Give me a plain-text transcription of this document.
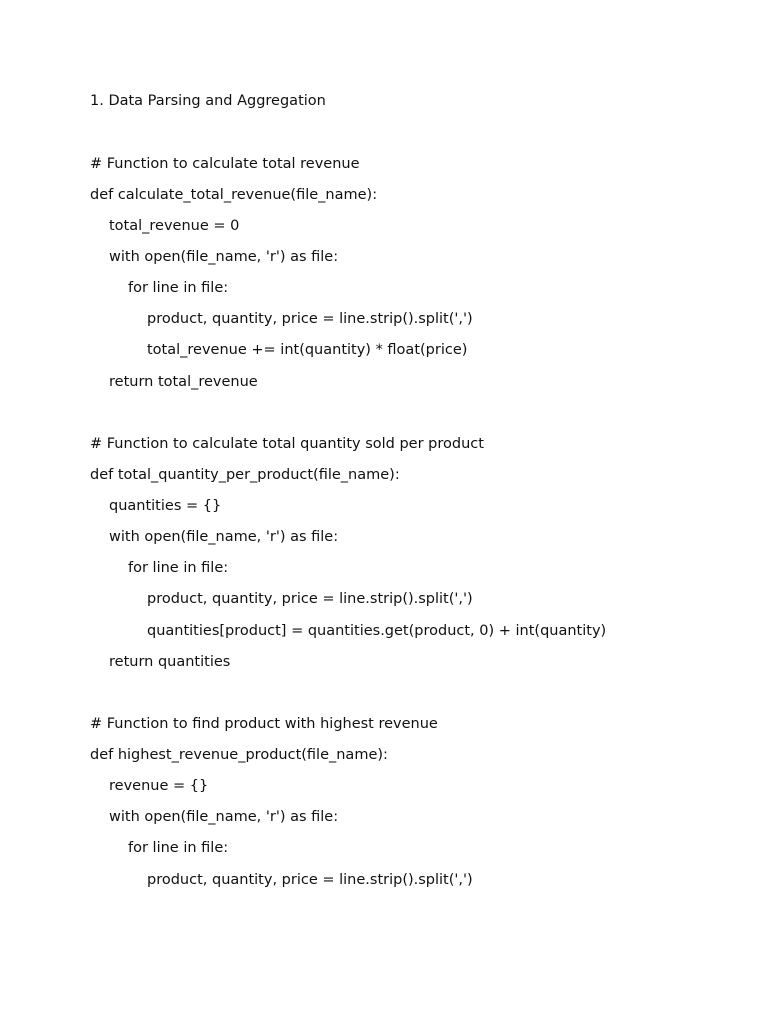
1. Data Parsing and Aggregation
# Function to calculate total revenue
def calculate_total_revenue(file_name):
total_revenue = 0
with open(file_name, 'r') as file:
for line in file:
product, quantity, price = line.strip().split(',')
total_revenue += int(quantity) * float(price)
return total_revenue
# Function to calculate total quantity sold per product
def total_quantity_per_product(file_name):
quantities = {}
with open(file_name, 'r') as file:
for line in file:
product, quantity, price = line.strip().split(',')
quantities[product] = quantities.get(product, 0) + int(quantity)
return quantities
# Function to find product with highest revenue
def highest_revenue_product(file_name):
revenue = {}
with open(file_name, 'r') as file:
for line in file:
product, quantity, price = line.strip().split(',')
